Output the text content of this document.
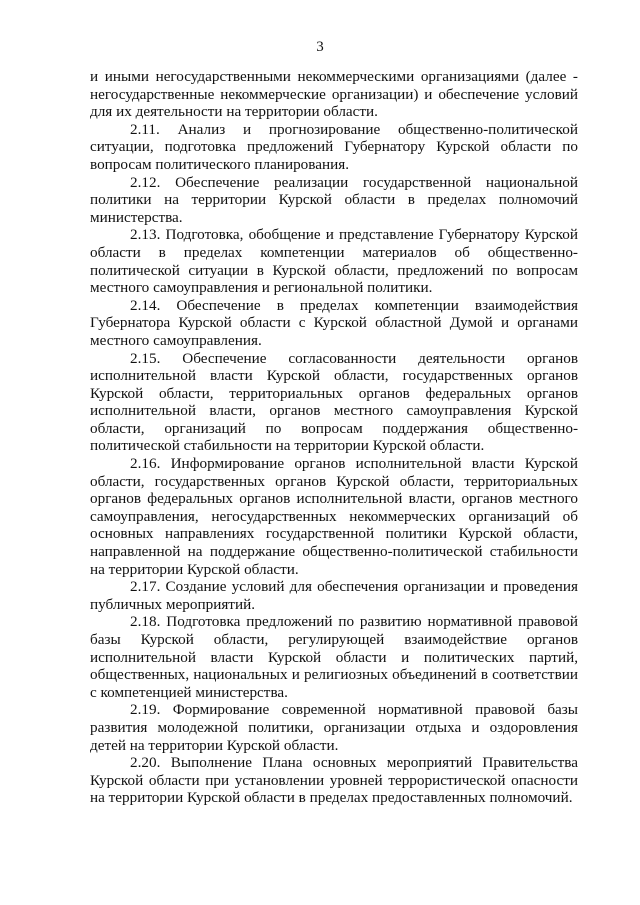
3

и иными негосударственными некоммерческими организациями (далее - негосударственные некоммерческие организации) и обеспечение условий для их деятельности на территории области.

2.11. Анализ и прогнозирование общественно-политической ситуации, подготовка предложений Губернатору Курской области по вопросам политического планирования.

2.12. Обеспечение реализации государственной национальной политики на территории Курской области в пределах полномочий министерства.

2.13. Подготовка, обобщение и представление Губернатору Курской области в пределах компетенции материалов об общественно-политической ситуации в Курской области, предложений по вопросам местного самоуправления и региональной политики.

2.14. Обеспечение в пределах компетенции взаимодействия Губернатора Курской области с Курской областной Думой и органами местного самоуправления.

2.15. Обеспечение согласованности деятельности органов исполнительной власти Курской области, государственных органов Курской области, территориальных органов федеральных органов исполнительной власти, органов местного самоуправления Курской области, организаций по вопросам поддержания общественно-политической стабильности на территории Курской области.

2.16. Информирование органов исполнительной власти Курской области, государственных органов Курской области, территориальных органов федеральных органов исполнительной власти, органов местного самоуправления, негосударственных некоммерческих организаций об основных направлениях государственной политики Курской области, направленной на поддержание общественно-политической стабильности на территории Курской области.

2.17. Создание условий для обеспечения организации и проведения публичных мероприятий.

2.18. Подготовка предложений по развитию нормативной правовой базы Курской области, регулирующей взаимодействие органов исполнительной власти Курской области и политических партий, общественных, национальных и религиозных объединений в соответствии с компетенцией министерства.

2.19. Формирование современной нормативной правовой базы развития молодежной политики, организации отдыха и оздоровления детей на территории Курской области.

2.20. Выполнение Плана основных мероприятий Правительства Курской области при установлении уровней террористической опасности на территории Курской области в пределах предоставленных полномочий.
